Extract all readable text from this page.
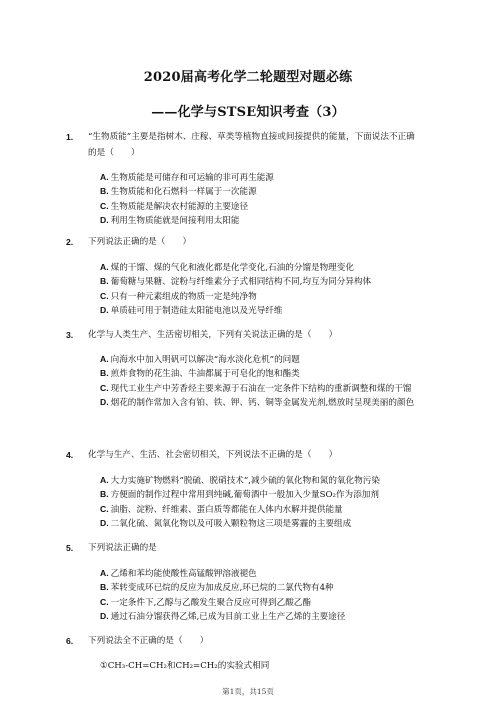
2020届高考化学二轮题型对题必练
——化学与STSE知识考查（3）
1. “生物质能”主要是指树木、庄稼、草类等植物直接或间接提供的能量，下面说法不正确的是（　　）
A. 生物质能是可储存和可运输的非可再生能源
B. 生物质能和化石燃料一样属于一次能源
C. 生物质能是解决农村能源的主要途径
D. 利用生物质能就是间接利用太阳能
2. 下列说法正确的是（　　）
A. 煤的干馏、煤的气化和液化都是化学变化,石油的分馏是物理变化
B. 葡萄糖与果糖、淀粉与纤维素分子式相同结构不同,均互为同分异构体
C. 只有一种元素组成的物质一定是纯净物
D. 单质硅可用于制造硅太阳能电池以及光导纤维
3. 化学与人类生产、生活密切相关，下列有关说法正确的是（　　）
A. 向海水中加入明矾可以解决“海水淡化危机”的问题
B. 煎炸食物的花生油、牛油都属于可皂化的饱和酯类
C. 现代工业生产中芳香烃主要来源于石油在一定条件下结构的重新调整和煤的干馏
D. 烟花的制作常加入含有铂、铁、钾、钙、铜等金属发光剂,燃放时呈现美丽的颜色
4. 化学与生产、生活、社会密切相关，下列说法不正确的是（　　）
A. 大力实施矿物燃料“脱硫、脱硝技术”,减少硫的氧化物和氮的氧化物污染
B. 方便面的制作过程中常用到纯碱,葡萄酒中一般加入少量SO₂作为添加剂
C. 油脂、淀粉、纤维素、蛋白质等都能在人体内水解并提供能量
D. 二氧化硫、氮氧化物以及可吸入颗粒物这三项是雾霾的主要组成
5. 下列说法正确的是
A. 乙烯和苯均能使酸性高锰酸钾溶液褪色
B. 苯转变成环已烷的反应为加成反应,环已烷的二氯代物有4种
C. 一定条件下,乙醇与乙酸发生聚合反应可得到乙酸乙酯
D. 通过石油分馏获得乙烯,已成为目前工业上生产乙烯的主要途径
6. 下列说法全不正确的是（　　）
①CH₃-CH=CH₂和CH₂=CH₂的实验式相同
第1页，共15页
